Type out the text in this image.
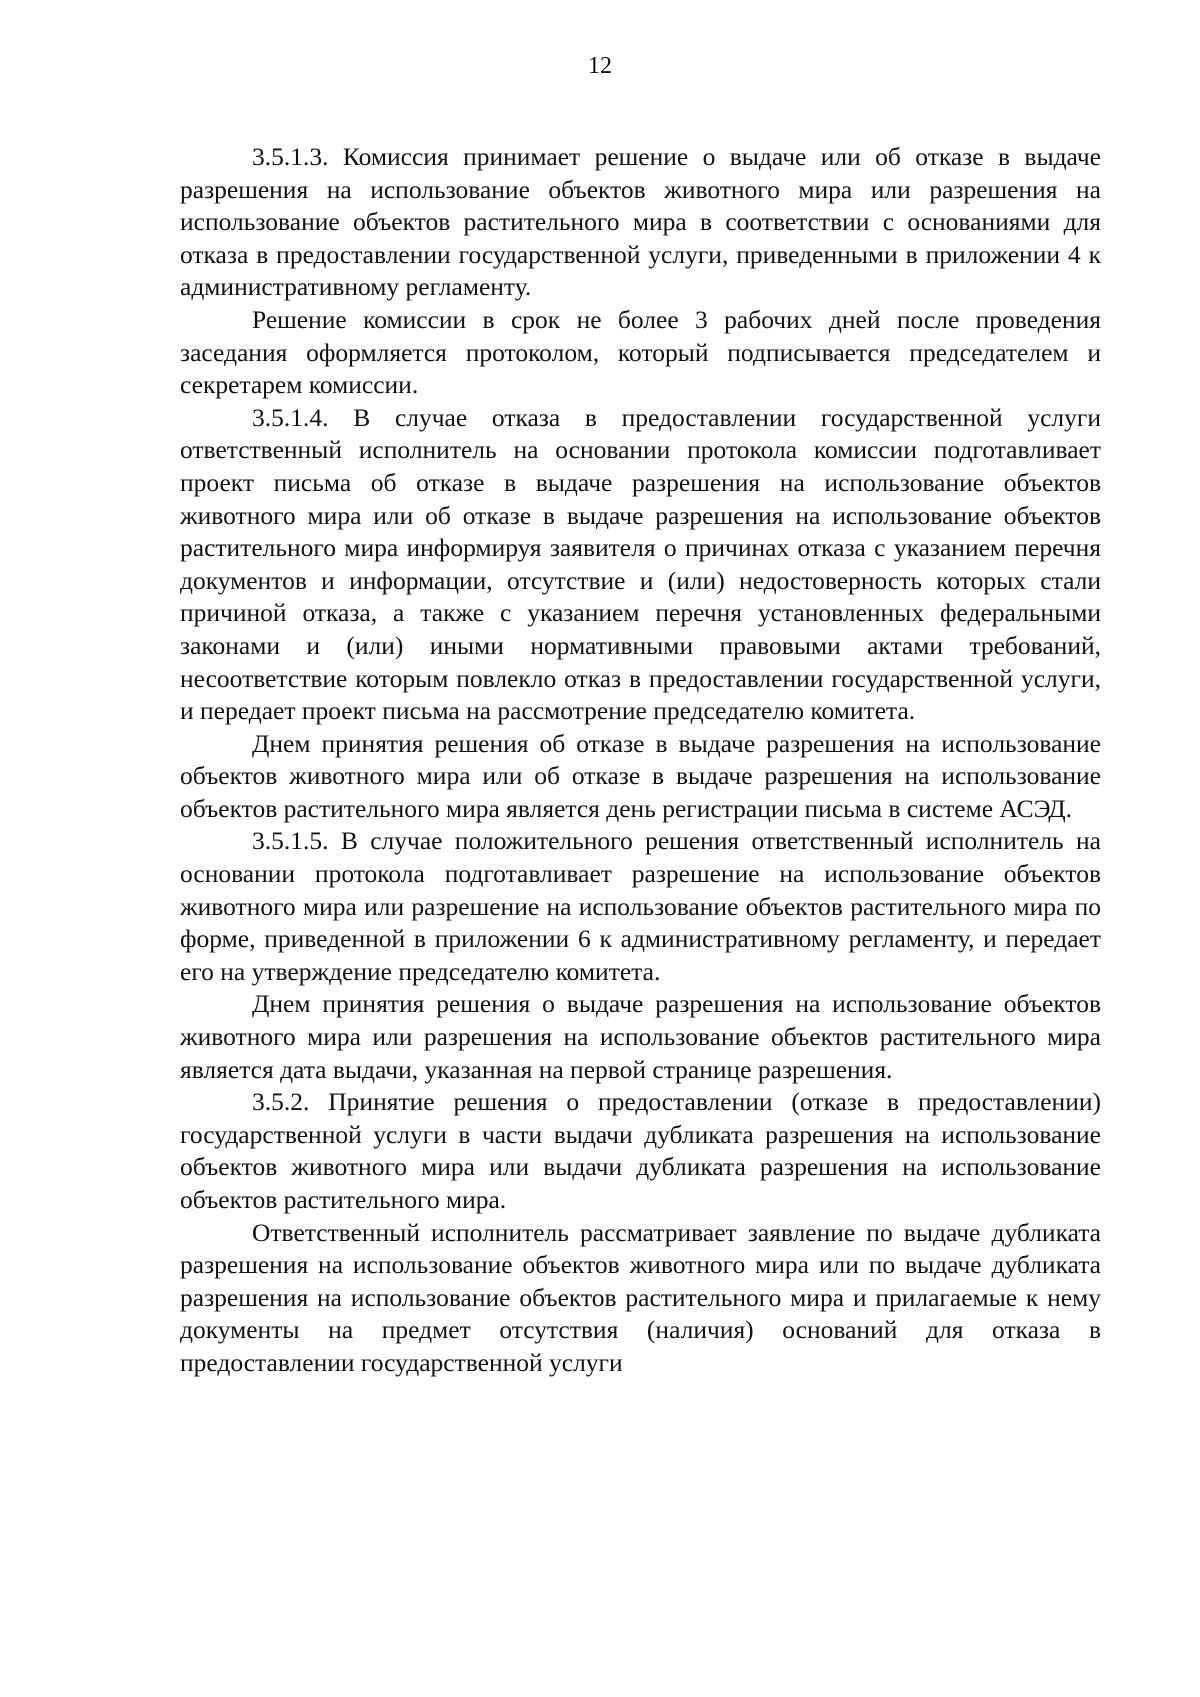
12

3.5.1.3. Комиссия принимает решение о выдаче или об отказе в выдаче разрешения на использование объектов животного мира или разрешения на использование объектов растительного мира в соответствии с основаниями для отказа в предоставлении государственной услуги, приведенными в приложении 4 к административному регламенту.

Решение комиссии в срок не более 3 рабочих дней после проведения заседания оформляется протоколом, который подписывается председателем и секретарем комиссии.

3.5.1.4. В случае отказа в предоставлении государственной услуги ответственный исполнитель на основании протокола комиссии подготавливает проект письма об отказе в выдаче разрешения на использование объектов животного мира или об отказе в выдаче разрешения на использование объектов растительного мира информируя заявителя о причинах отказа с указанием перечня документов и информации, отсутствие и (или) недостоверность которых стали причиной отказа, а также с указанием перечня установленных федеральными законами и (или) иными нормативными правовыми актами требований, несоответствие которым повлекло отказ в предоставлении государственной услуги, и передает проект письма на рассмотрение председателю комитета.

Днем принятия решения об отказе в выдаче разрешения на использование объектов животного мира или об отказе в выдаче разрешения на использование объектов растительного мира является день регистрации письма в системе АСЭД.

3.5.1.5. В случае положительного решения ответственный исполнитель на основании протокола подготавливает разрешение на использование объектов животного мира или разрешение на использование объектов растительного мира по форме, приведенной в приложении 6 к административному регламенту, и передает его на утверждение председателю комитета.

Днем принятия решения о выдаче разрешения на использование объектов животного мира или разрешения на использование объектов растительного мира является дата выдачи, указанная на первой странице разрешения.

3.5.2. Принятие решения о предоставлении (отказе в предоставлении) государственной услуги в части выдачи дубликата разрешения на использование объектов животного мира или выдачи дубликата разрешения на использование объектов растительного мира.

Ответственный исполнитель рассматривает заявление по выдаче дубликата разрешения на использование объектов животного мира или по выдаче дубликата разрешения на использование объектов растительного мира и прилагаемые к нему документы на предмет отсутствия (наличия) оснований для отказа в предоставлении государственной услуги
